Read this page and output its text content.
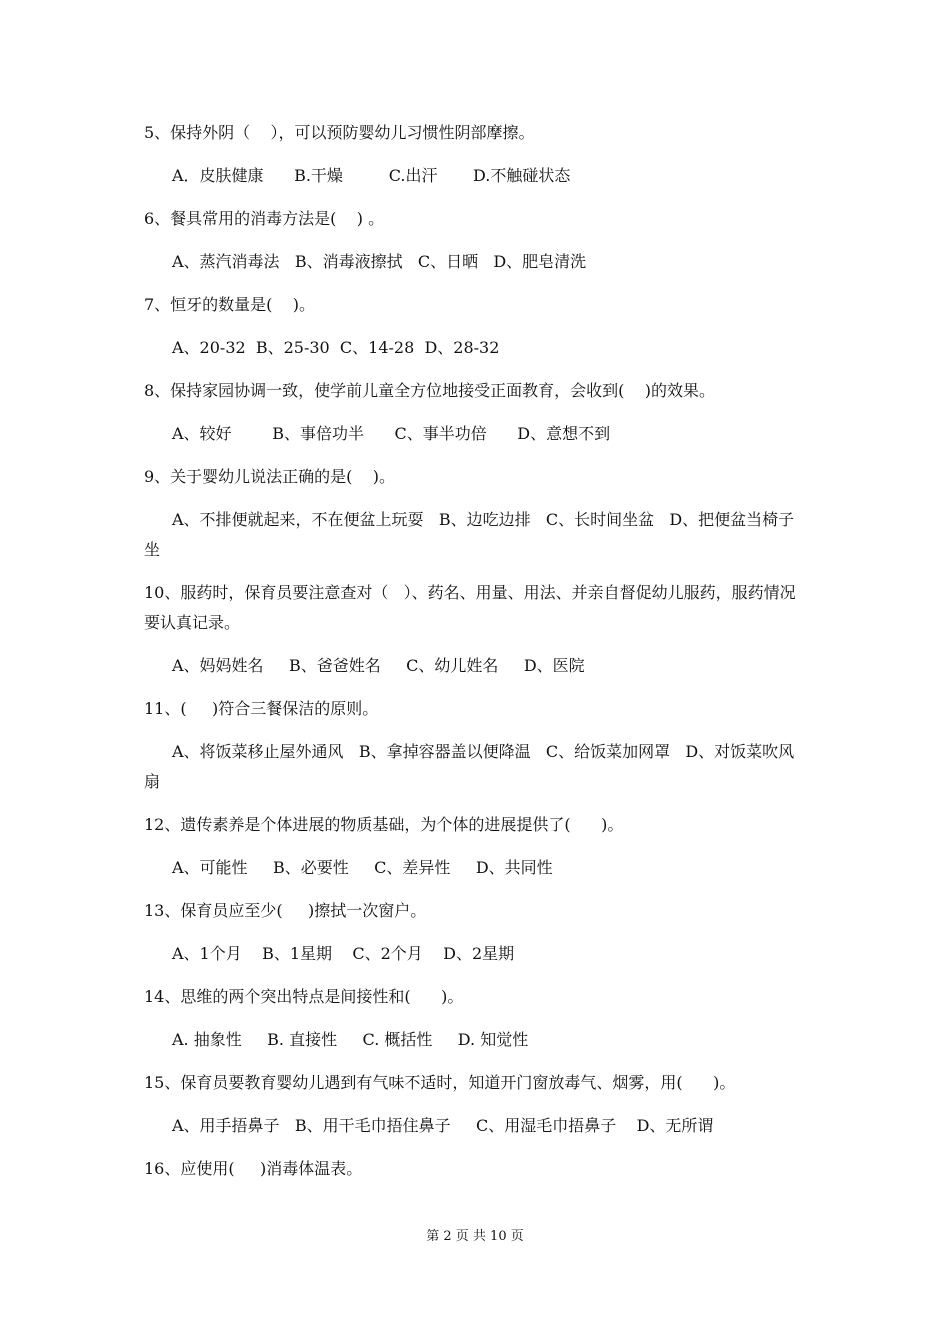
5、保持外阴（    ），可以预防婴幼儿习惯性阴部摩擦。
A．皮肤健康      B.干燥         C.出汗       D.不触碰状态
6、餐具常用的消毒方法是(    ) 。
A、蒸汽消毒法   B、消毒液擦拭   C、日晒   D、肥皂清洗
7、恒牙的数量是(    )。
A、20-32  B、25-30  C、14-28  D、28-32
8、保持家园协调一致，使学前儿童全方位地接受正面教育，会收到(    )的效果。
A、较好        B、事倍功半      C、事半功倍      D、意想不到
9、关于婴幼儿说法正确的是(    )。
A、不排便就起来，不在便盆上玩耍   B、边吃边排   C、长时间坐盆   D、把便盆当椅子坐
10、服药时，保育员要注意查对（   ）、药名、用量、用法、并亲自督促幼儿服药，服药情况要认真记录。
A、妈妈姓名     B、爸爸姓名     C、幼儿姓名     D、医院
11、(     )符合三餐保洁的原则。
A、将饭菜移止屋外通风   B、拿掉容器盖以便降温   C、给饭菜加网罩   D、对饭菜吹风扇
12、遗传素养是个体进展的物质基础，为个体的进展提供了(      )。
A、可能性     B、必要性     C、差异性     D、共同性
13、保育员应至少(     )擦拭一次窗户。
A、1个月    B、1星期    C、2个月    D、2星期
14、思维的两个突出特点是间接性和(      )。
A. 抽象性     B. 直接性     C. 概括性     D. 知觉性
15、保育员要教育婴幼儿遇到有气味不适时，知道开门窗放毒气、烟雾，用(      )。
A、用手捂鼻子   B、用干毛巾捂住鼻子     C、用湿毛巾捂鼻子    D、无所谓
16、应使用(     )消毒体温表。
第 2 页 共 10 页
